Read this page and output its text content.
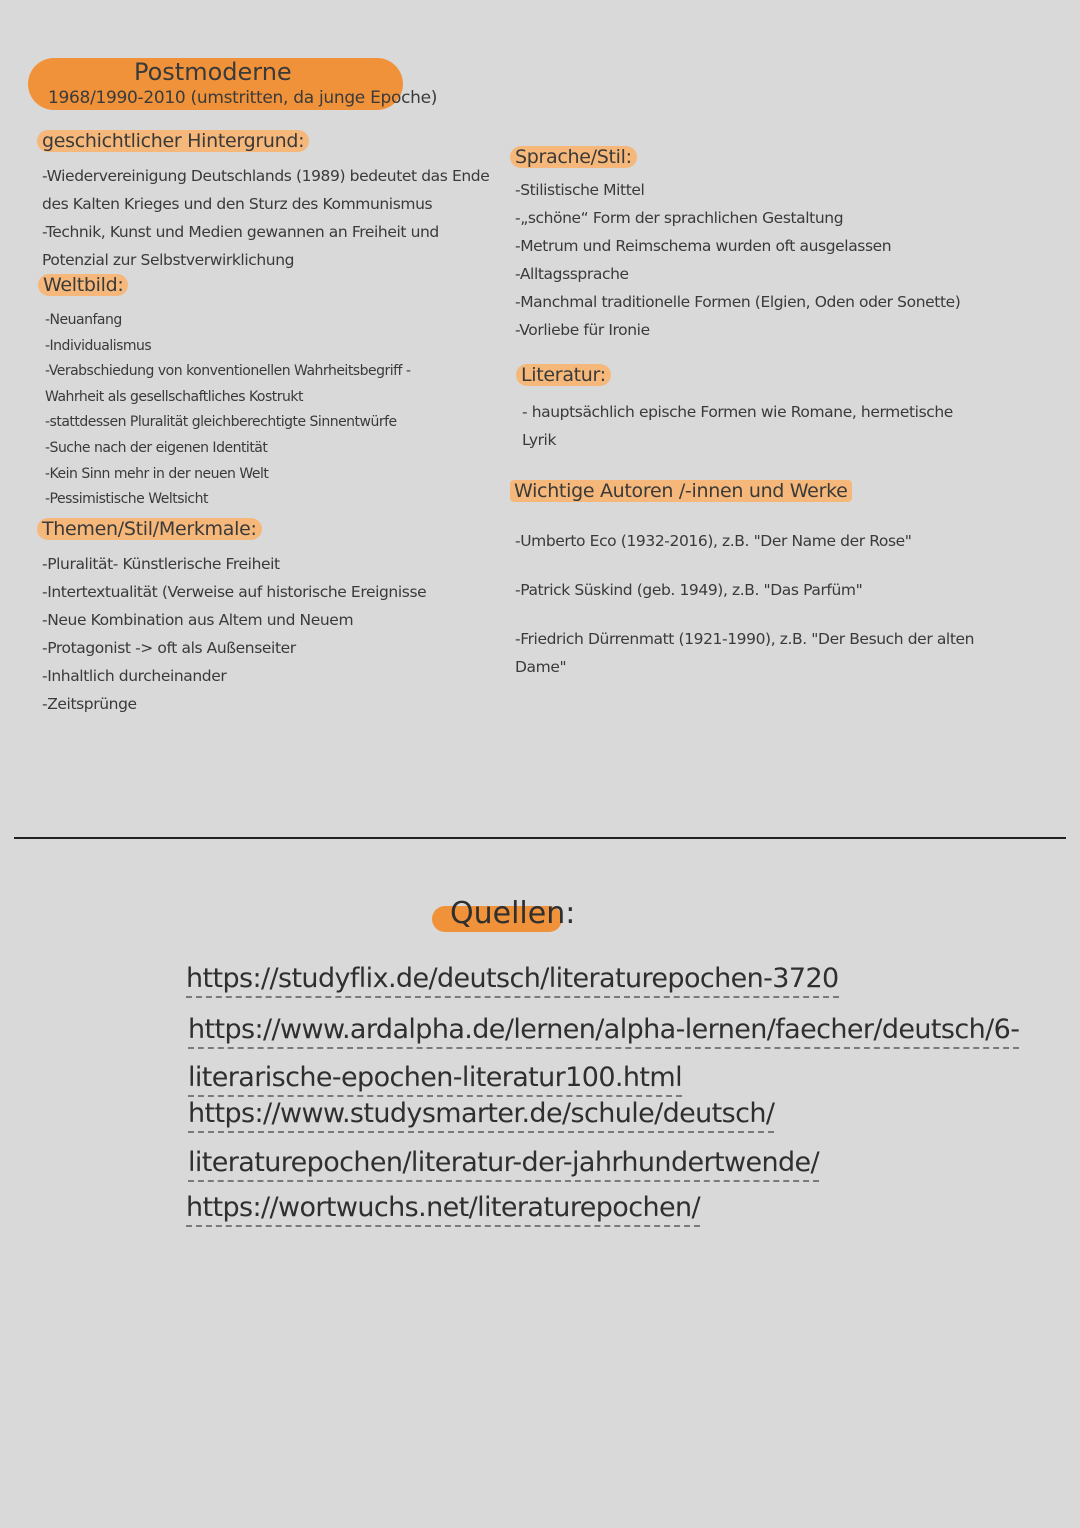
Postmoderne
1968/1990-2010 (umstritten, da junge Epoche)
geschichtlicher Hintergrund:
-Wiedervereinigung Deutschlands (1989) bedeutet das Ende
des Kalten Krieges und den Sturz des Kommunismus
-Technik, Kunst und Medien gewannen an Freiheit und
Potenzial zur Selbstverwirklichung
Weltbild:
-Neuanfang
-Individualismus
-Verabschiedung von konventionellen Wahrheitsbegriff -
Wahrheit als gesellschaftliches Kostrukt
-stattdessen Pluralität gleichberechtigte Sinnentwürfe
-Suche nach der eigenen Identität
-Kein Sinn mehr in der neuen Welt
-Pessimistische Weltsicht
Themen/Stil/Merkmale:
-Pluralität- Künstlerische Freiheit
-Intertextualität (Verweise auf historische Ereignisse
-Neue Kombination aus Altem und Neuem
-Protagonist -> oft als Außenseiter
-Inhaltlich durcheinander
-Zeitsprünge
Sprache/Stil:
-Stilistische Mittel
-„schöne“ Form der sprachlichen Gestaltung
-Metrum und Reimschema wurden oft ausgelassen
-Alltagssprache
-Manchmal traditionelle Formen (Elgien, Oden oder Sonette)
-Vorliebe für Ironie
Literatur:
- hauptsächlich epische Formen wie Romane, hermetische
Lyrik
Wichtige Autoren /-innen und Werke
-Umberto Eco (1932-2016), z.B. "Der Name der Rose"
-Patrick Süskind (geb. 1949), z.B. "Das Parfüm"
-Friedrich Dürrenmatt (1921-1990), z.B. "Der Besuch der alten
Dame"
Quellen:
https://studyflix.de/deutsch/literaturepochen-3720
https://www.ardalpha.de/lernen/alpha-lernen/faecher/deutsch/6-
literarische-epochen-literatur100.html
https://www.studysmarter.de/schule/deutsch/
literaturepochen/literatur-der-jahrhundertwende/
https://wortwuchs.net/literaturepochen/
